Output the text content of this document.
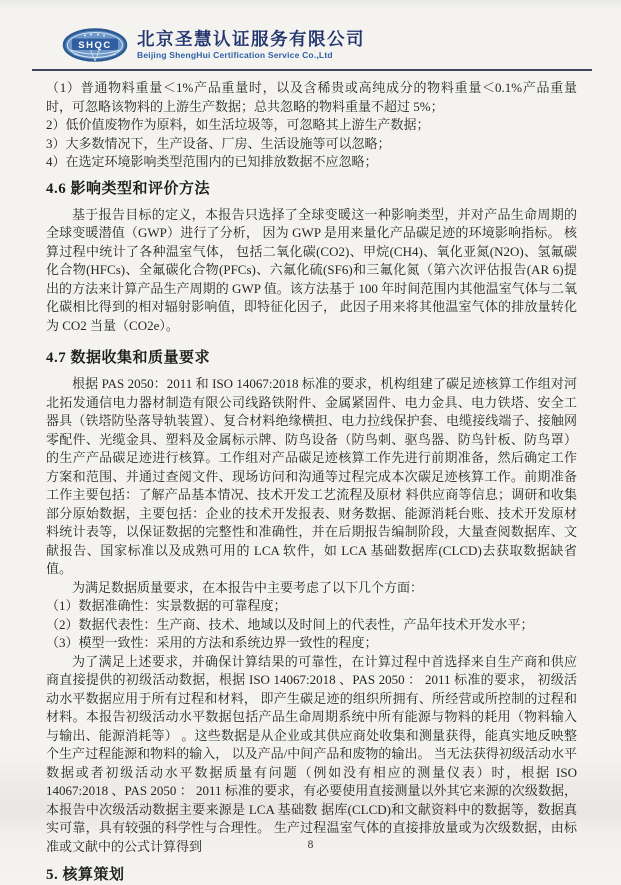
SHQC 北京圣慧认证服务有限公司
Beijing ShengHui Certification Service Co.,Ltd

（1）普通物料重量＜1%产品重量时，以及含稀贵或高纯成分的物料重量＜0.1%产品重量时，可忽略该物料的上游生产数据；总共忽略的物料重量不超过 5%；

2）低价值废物作为原料，如生活垃圾等，可忽略其上游生产数据；

3）大多数情况下，生产设备、厂房、生活设施等可以忽略；

4）在选定环境影响类型范围内的已知排放数据不应忽略；

4.6 影响类型和评价方法

基于报告目标的定义，本报告只选择了全球变暖这一种影响类型，并对产品生命周期的全球变暖潜值（GWP）进行了分析， 因为 GWP 是用来量化产品碳足迹的环境影响指标。 核算过程中统计了各种温室气体， 包括二氧化碳(CO2)、甲烷(CH4)、氧化亚氮(N2O)、氢氟碳化合物(HFCs)、全氟碳化合物(PFCs)、六氟化硫(SF6)和三氟化氮（第六次评估报告(AR 6)提出的方法来计算产品生产周期的 GWP 值。该方法基于 100 年时间范围内其他温室气体与二氧化碳相比得到的相对辐射影响值，即特征化因子， 此因子用来将其他温室气体的排放量转化为 CO2 当量（CO2e）。

4.7 数据收集和质量要求

根据 PAS 2050：2011 和 ISO 14067:2018 标准的要求，机构组建了碳足迹核算工作组对河北拓发通信电力器材制造有限公司线路铁附件、金属紧固件、电力金具、电力铁塔、安全工器具（铁塔防坠落导轨装置）、复合材料绝缘横担、电力拉线保护套、电缆接线端子、接触网零配件、光缆金具、塑料及金属标示牌、防鸟设备（防鸟刺、驱鸟器、防鸟针板、防鸟罩）的生产产品碳足迹进行核算。工作组对产品碳足迹核算工作先进行前期准备，然后确定工作方案和范围、并通过查阅文件、现场访问和沟通等过程完成本次碳足迹核算工作。前期准备工作主要包括：了解产品基本情况、技术开发工艺流程及原材 料供应商等信息；调研和收集部分原始数据，主要包括：企业的技术开发报表、财务数据、能源消耗台账、技术开发原材料统计表等，以保证数据的完整性和准确性，并在后期报告编制阶段，大量查阅数据库、文献报告、国家标准以及成熟可用的 LCA 软件，如 LCA 基础数据库(CLCD)去获取数据缺省值。

为满足数据质量要求，在本报告中主要考虑了以下几个方面：

（1）数据准确性：实景数据的可靠程度；

（2）数据代表性：生产商、技术、地域以及时间上的代表性，产品年技术开发水平；

（3）模型一致性：采用的方法和系统边界一致性的程度；

为了满足上述要求，并确保计算结果的可靠性，在计算过程中首选择来自生产商和供应商直接提供的初级活动数据，根据 ISO 14067:2018 、PAS 2050 ： 2011 标准的要求， 初级活动水平数据应用于所有过程和材料， 即产生碳足迹的组织所拥有、所经营或所控制的过程和材料。本报告初级活动水平数据包括产品生命周期系统中所有能源与物料的耗用（物料输入与输出、能源消耗等） 。这些数据是从企业或其供应商处收集和测量获得，能真实地反映整个生产过程能源和物料的输入， 以及产品/中间产品和废物的输出。 当无法获得初级活动水平数据或者初级活动水平数据质量有问题（例如没有相应的测量仪表）时，根据 ISO 14067:2018 、PAS 2050 ： 2011 标准的要求，有必要使用直接测量以外其它来源的次级数据，本报告中次级活动数据主要来源是 LCA 基础数 据库(CLCD)和文献资料中的数据等，数据真实可靠，具有较强的科学性与合理性。 生产过程温室气体的直接排放量或为次级数据，由标准或文献中的公式计算得到

5. 核算策划
8
